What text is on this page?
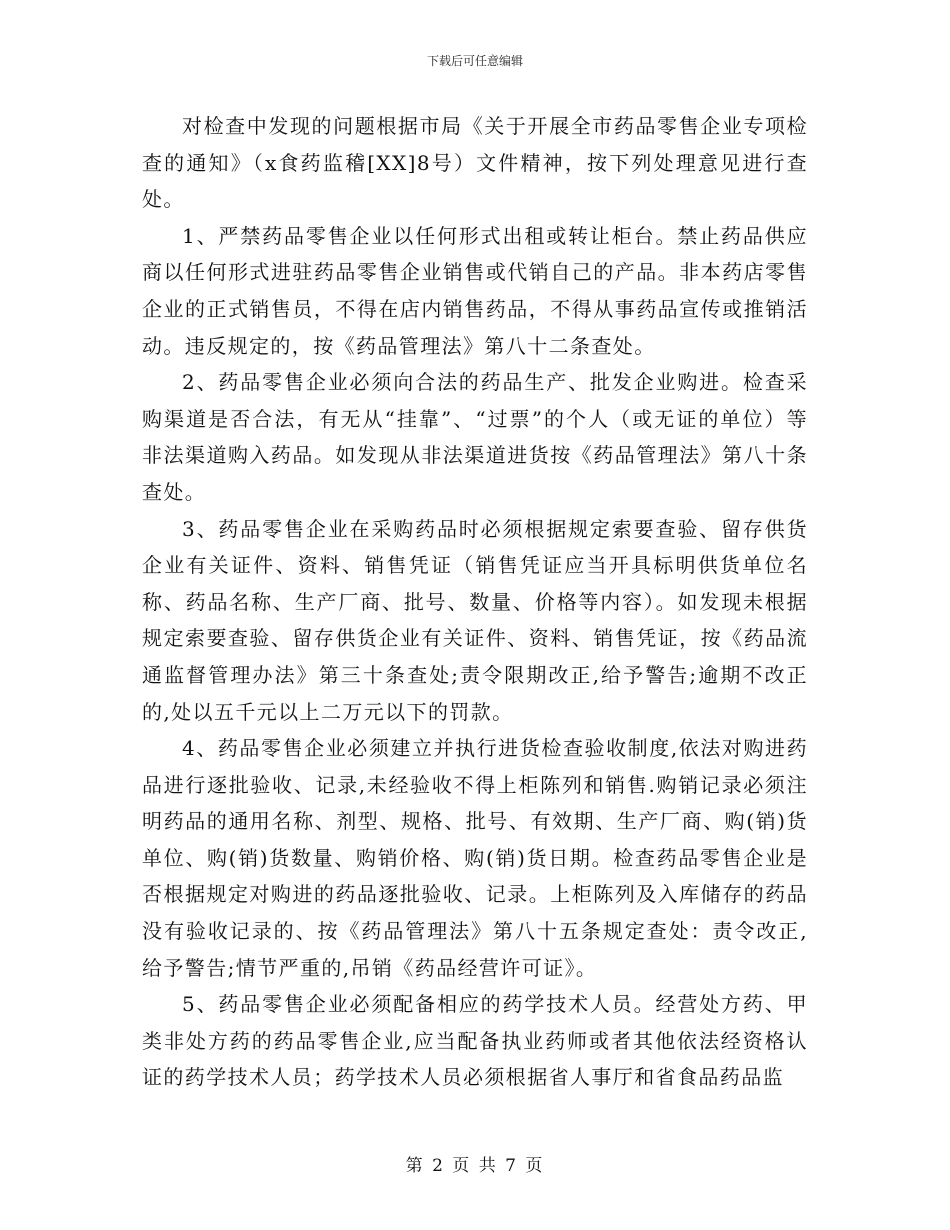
下载后可任意编辑

对检查中发现的问题根据市局《关于开展全市药品零售企业专项检查的通知》（x食药监稽[XX]8号）文件精神，按下列处理意见进行查处。

1、严禁药品零售企业以任何形式出租或转让柜台。禁止药品供应商以任何形式进驻药品零售企业销售或代销自己的产品。非本药店零售企业的正式销售员，不得在店内销售药品，不得从事药品宣传或推销活动。违反规定的，按《药品管理法》第八十二条查处。

2、药品零售企业必须向合法的药品生产、批发企业购进。检查采购渠道是否合法，有无从“挂靠”、“过票”的个人（或无证的单位）等非法渠道购入药品。如发现从非法渠道进货按《药品管理法》第八十条查处。

3、药品零售企业在采购药品时必须根据规定索要查验、留存供货企业有关证件、资料、销售凭证（销售凭证应当开具标明供货单位名称、药品名称、生产厂商、批号、数量、价格等内容）。如发现未根据规定索要查验、留存供货企业有关证件、资料、销售凭证，按《药品流通监督管理办法》第三十条查处;责令限期改正,给予警告;逾期不改正的,处以五千元以上二万元以下的罚款。

4、药品零售企业必须建立并执行进货检查验收制度,依法对购进药品进行逐批验收、记录,未经验收不得上柜陈列和销售.购销记录必须注明药品的通用名称、剂型、规格、批号、有效期、生产厂商、购(销)货单位、购(销)货数量、购销价格、购(销)货日期。检查药品零售企业是否根据规定对购进的药品逐批验收、记录。上柜陈列及入库储存的药品没有验收记录的、按《药品管理法》第八十五条规定查处：责令改正,给予警告;情节严重的,吊销《药品经营许可证》。

5、药品零售企业必须配备相应的药学技术人员。经营处方药、甲类非处方药的药品零售企业,应当配备执业药师或者其他依法经资格认证的药学技术人员；药学技术人员必须根据省人事厅和省食品药品监

第 2 页 共 7 页
